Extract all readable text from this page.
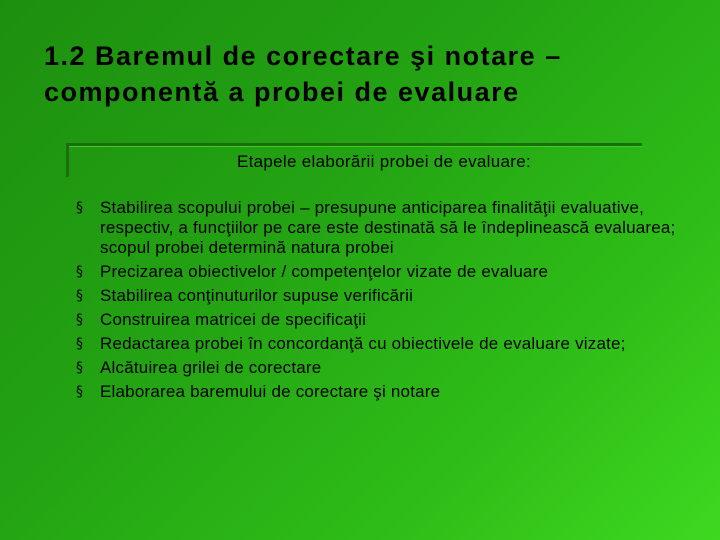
1.2 Baremul de corectare şi notare –
componentă a probei de evaluare
Etapele elaborării probei de evaluare:
§ Stabilirea scopului probei – presupune anticiparea finalităţii evaluative, respectiv, a funcţiilor pe care este destinată să le îndeplinească evaluarea; scopul probei determină natura probei
§ Precizarea obiectivelor / competenţelor vizate de evaluare
§ Stabilirea conţinuturilor supuse verificării
§ Construirea matricei de specificaţii
§ Redactarea probei în concordanţă cu obiectivele de evaluare vizate;
§ Alcătuirea grilei de corectare
§ Elaborarea baremului de corectare şi notare
